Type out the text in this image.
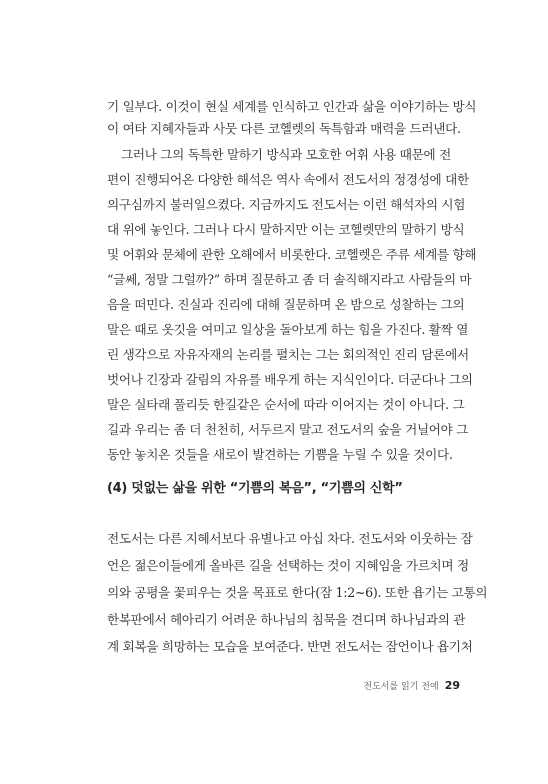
기 일부다. 이것이 현실 세계를 인식하고 인간과 삶을 이야기하는 방식
이 여타 지혜자들과 사뭇 다른 코헬렛의 독특함과 매력을 드러낸다.
그러나 그의 독특한 말하기 방식과 모호한 어휘 사용 때문에 전
편이 진행되어온 다양한 해석은 역사 속에서 전도서의 정경성에 대한
의구심까지 불러일으켰다. 지금까지도 전도서는 이런 해석자의 시험
대 위에 놓인다. 그러나 다시 말하지만 이는 코헬렛만의 말하기 방식
및 어휘와 문체에 관한 오해에서 비롯한다. 코헬렛은 주류 세계를 향해
“글쎄, 정말 그럴까?” 하며 질문하고 좀 더 솔직해지라고 사람들의 마
음을 떠민다. 진실과 진리에 대해 질문하며 온 밤으로 성찰하는 그의
말은 때로 옷깃을 여미고 일상을 돌아보게 하는 힘을 가진다. 활짝 열
린 생각으로 자유자재의 논리를 펼치는 그는 회의적인 진리 담론에서
벗어나 긴장과 갈림의 자유를 배우게 하는 지식인이다. 더군다나 그의
말은 실타래 풀리듯 한길같은 순서에 따라 이어지는 것이 아니다. 그
길과 우리는 좀 더 천천히, 서두르지 말고 전도서의 숲을 거닐어야 그
동안 놓치온 것들을 새로이 발견하는 기쁨을 누릴 수 있을 것이다.
(4) 덧없는 삶을 위한 “기쁨의 복음”, “기쁨의 신학”
전도서는 다른 지혜서보다 유별나고 아십 차다. 전도서와 이웃하는 잠
언은 젊은이들에게 올바른 길을 선택하는 것이 지혜임을 가르치며 정
의와 공평을 꽃피우는 것을 목표로 한다(잠 1:2~6). 또한 욥기는 고통의
한복판에서 헤아리기 어려운 하나님의 침묵을 견디며 하나님과의 관
계 회복을 희망하는 모습을 보여준다. 반면 전도서는 잠언이나 욥기처
전도서를 읽기 전에 29
